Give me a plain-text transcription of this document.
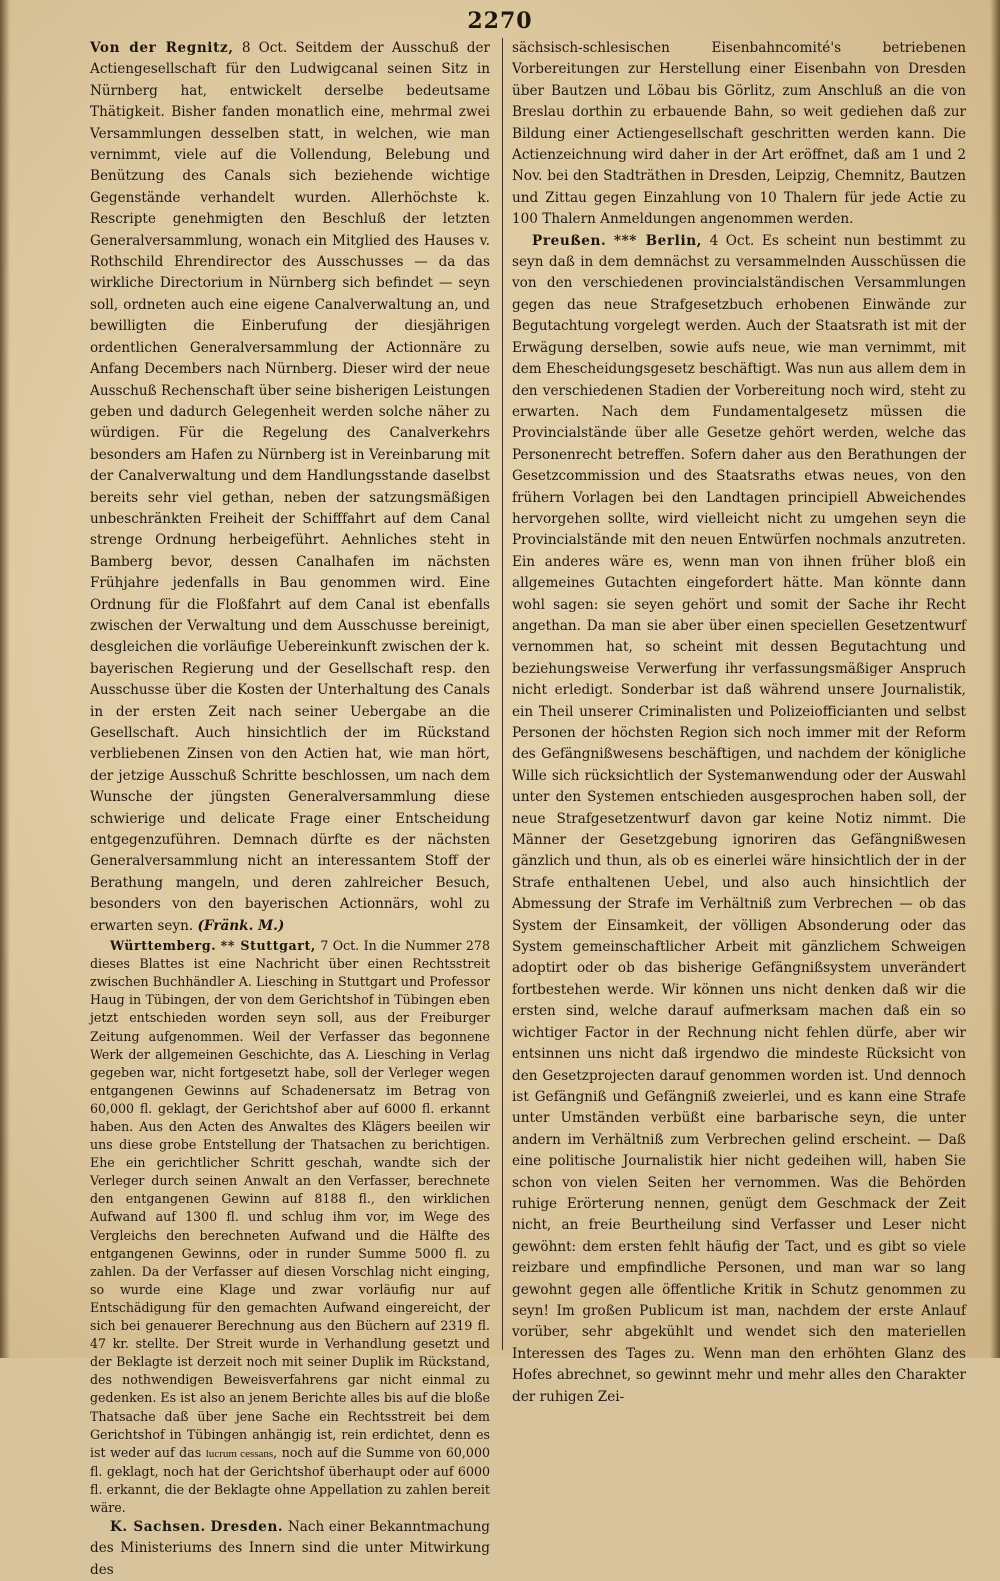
2270

Von der Regnitz, 8 Oct. Seitdem der Ausschuß der Actiengesellschaft für den Ludwigcanal seinen Sitz in Nürnberg hat, entwickelt derselbe bedeutsame Thätigkeit. Bisher fanden monatlich eine, mehrmal zwei Versammlungen desselben statt, in welchen, wie man vernimmt, viele auf die Vollendung, Belebung und Benützung des Canals sich beziehende wichtige Gegenstände verhandelt wurden. Allerhöchste k. Rescripte genehmigten den Beschluß der letzten Generalversammlung, wonach ein Mitglied des Hauses v. Rothschild Ehrendirector des Ausschusses — da das wirkliche Directorium in Nürnberg sich befindet — seyn soll, ordneten auch eine eigene Canalverwaltung an, und bewilligten die Einberufung der diesjährigen ordentlichen Generalversammlung der Actionnäre zu Anfang Decembers nach Nürnberg. Dieser wird der neue Ausschuß Rechenschaft über seine bisherigen Leistungen geben und dadurch Gelegenheit werden solche näher zu würdigen. Für die Regelung des Canalverkehrs besonders am Hafen zu Nürnberg ist in Vereinbarung mit der Canalverwaltung und dem Handlungsstande daselbst bereits sehr viel gethan, neben der satzungsmäßigen unbeschränkten Freiheit der Schifffahrt auf dem Canal strenge Ordnung herbeigeführt. Aehnliches steht in Bamberg bevor, dessen Canalhafen im nächsten Frühjahre jedenfalls in Bau genommen wird. Eine Ordnung für die Floßfahrt auf dem Canal ist ebenfalls zwischen der Verwaltung und dem Ausschusse bereinigt, desgleichen die vorläufige Uebereinkunft zwischen der k. bayerischen Regierung und der Gesellschaft resp. den Ausschusse über die Kosten der Unterhaltung des Canals in der ersten Zeit nach seiner Uebergabe an die Gesellschaft. Auch hinsichtlich der im Rückstand verbliebenen Zinsen von den Actien hat, wie man hört, der jetzige Ausschuß Schritte beschlossen, um nach dem Wunsche der jüngsten Generalversammlung diese schwierige und delicate Frage einer Entscheidung entgegenzuführen. Demnach dürfte es der nächsten Generalversammlung nicht an interessantem Stoff der Berathung mangeln, und deren zahlreicher Besuch, besonders von den bayerischen Actionnärs, wohl zu erwarten seyn. (Fränk. M.)

Württemberg. ** Stuttgart, 7 Oct. In die Nummer 278 dieses Blattes ist eine Nachricht über einen Rechtsstreit zwischen Buchhändler A. Liesching in Stuttgart und Professor Haug in Tübingen, der von dem Gerichtshof in Tübingen eben jetzt entschieden worden seyn soll, aus der Freiburger Zeitung aufgenommen. Weil der Verfasser das begonnene Werk der allgemeinen Geschichte, das A. Liesching in Verlag gegeben war, nicht fortgesetzt habe, soll der Verleger wegen entgangenen Gewinns auf Schadenersatz im Betrag von 60,000 fl. geklagt, der Gerichtshof aber auf 6000 fl. erkannt haben. Aus den Acten des Anwaltes des Klägers beeilen wir uns diese grobe Entstellung der Thatsachen zu berichtigen. Ehe ein gerichtlicher Schritt geschah, wandte sich der Verleger durch seinen Anwalt an den Verfasser, berechnete den entgangenen Gewinn auf 8188 fl., den wirklichen Aufwand auf 1300 fl. und schlug ihm vor, im Wege des Vergleichs den berechneten Aufwand und die Hälfte des entgangenen Gewinns, oder in runder Summe 5000 fl. zu zahlen. Da der Verfasser auf diesen Vorschlag nicht einging, so wurde eine Klage und zwar vorläufig nur auf Entschädigung für den gemachten Aufwand eingereicht, der sich bei genauerer Berechnung aus den Büchern auf 2319 fl. 47 kr. stellte. Der Streit wurde in Verhandlung gesetzt und der Beklagte ist derzeit noch mit seiner Duplik im Rückstand, des nothwendigen Beweisverfahrens gar nicht einmal zu gedenken. Es ist also an jenem Berichte alles bis auf die bloße Thatsache daß über jene Sache ein Rechtsstreit bei dem Gerichtshof in Tübingen anhängig ist, rein erdichtet, denn es ist weder auf das lucrum cessans, noch auf die Summe von 60,000 fl. geklagt, noch hat der Gerichtshof überhaupt oder auf 6000 fl. erkannt, die der Beklagte ohne Appellation zu zahlen bereit wäre.

K. Sachsen. Dresden. Nach einer Bekanntmachung des Ministeriums des Innern sind die unter Mitwirkung des

sächsisch-schlesischen Eisenbahncomité's betriebenen Vorbereitungen zur Herstellung einer Eisenbahn von Dresden über Bautzen und Löbau bis Görlitz, zum Anschluß an die von Breslau dorthin zu erbauende Bahn, so weit gediehen daß zur Bildung einer Actiengesellschaft geschritten werden kann. Die Actienzeichnung wird daher in der Art eröffnet, daß am 1 und 2 Nov. bei den Stadträthen in Dresden, Leipzig, Chemnitz, Bautzen und Zittau gegen Einzahlung von 10 Thalern für jede Actie zu 100 Thalern Anmeldungen angenommen werden.

Preußen. *** Berlin, 4 Oct. Es scheint nun bestimmt zu seyn daß in dem demnächst zu versammelnden Ausschüssen die von den verschiedenen provincialständischen Versammlungen gegen das neue Strafgesetzbuch erhobenen Einwände zur Begutachtung vorgelegt werden. Auch der Staatsrath ist mit der Erwägung derselben, sowie aufs neue, wie man vernimmt, mit dem Ehescheidungsgesetz beschäftigt. Was nun aus allem dem in den verschiedenen Stadien der Vorbereitung noch wird, steht zu erwarten. Nach dem Fundamentalgesetz müssen die Provincialstände über alle Gesetze gehört werden, welche das Personenrecht betreffen. Sofern daher aus den Berathungen der Gesetzcommission und des Staatsraths etwas neues, von den frühern Vorlagen bei den Landtagen principiell Abweichendes hervorgehen sollte, wird vielleicht nicht zu umgehen seyn die Provincialstände mit den neuen Entwürfen nochmals anzutreten. Ein anderes wäre es, wenn man von ihnen früher bloß ein allgemeines Gutachten eingefordert hätte. Man könnte dann wohl sagen: sie seyen gehört und somit der Sache ihr Recht angethan. Da man sie aber über einen speciellen Gesetzentwurf vernommen hat, so scheint mit dessen Begutachtung und beziehungsweise Verwerfung ihr verfassungsmäßiger Anspruch nicht erledigt. Sonderbar ist daß während unsere Journalistik, ein Theil unserer Criminalisten und Polizeiofficianten und selbst Personen der höchsten Region sich noch immer mit der Reform des Gefängnißwesens beschäftigen, und nachdem der königliche Wille sich rücksichtlich der Systemanwendung oder der Auswahl unter den Systemen entschieden ausgesprochen haben soll, der neue Strafgesetzentwurf davon gar keine Notiz nimmt. Die Männer der Gesetzgebung ignoriren das Gefängnißwesen gänzlich und thun, als ob es einerlei wäre hinsichtlich der in der Strafe enthaltenen Uebel, und also auch hinsichtlich der Abmessung der Strafe im Verhältniß zum Verbrechen — ob das System der Einsamkeit, der völligen Absonderung oder das System gemeinschaftlicher Arbeit mit gänzlichem Schweigen adoptirt oder ob das bisherige Gefängnißsystem unverändert fortbestehen werde. Wir können uns nicht denken daß wir die ersten sind, welche darauf aufmerksam machen daß ein so wichtiger Factor in der Rechnung nicht fehlen dürfe, aber wir entsinnen uns nicht daß irgendwo die mindeste Rücksicht von den Gesetzprojecten darauf genommen worden ist. Und dennoch ist Gefängniß und Gefängniß zweierlei, und es kann eine Strafe unter Umständen verbüßt eine barbarische seyn, die unter andern im Verhältniß zum Verbrechen gelind erscheint. — Daß eine politische Journalistik hier nicht gedeihen will, haben Sie schon von vielen Seiten her vernommen. Was die Behörden ruhige Erörterung nennen, genügt dem Geschmack der Zeit nicht, an freie Beurtheilung sind Verfasser und Leser nicht gewöhnt: dem ersten fehlt häufig der Tact, und es gibt so viele reizbare und empfindliche Personen, und man war so lang gewohnt gegen alle öffentliche Kritik in Schutz genommen zu seyn! Im großen Publicum ist man, nachdem der erste Anlauf vorüber, sehr abgekühlt und wendet sich den materiellen Interessen des Tages zu. Wenn man den erhöhten Glanz des Hofes abrechnet, so gewinnt mehr und mehr alles den Charakter der ruhigen Zei-
